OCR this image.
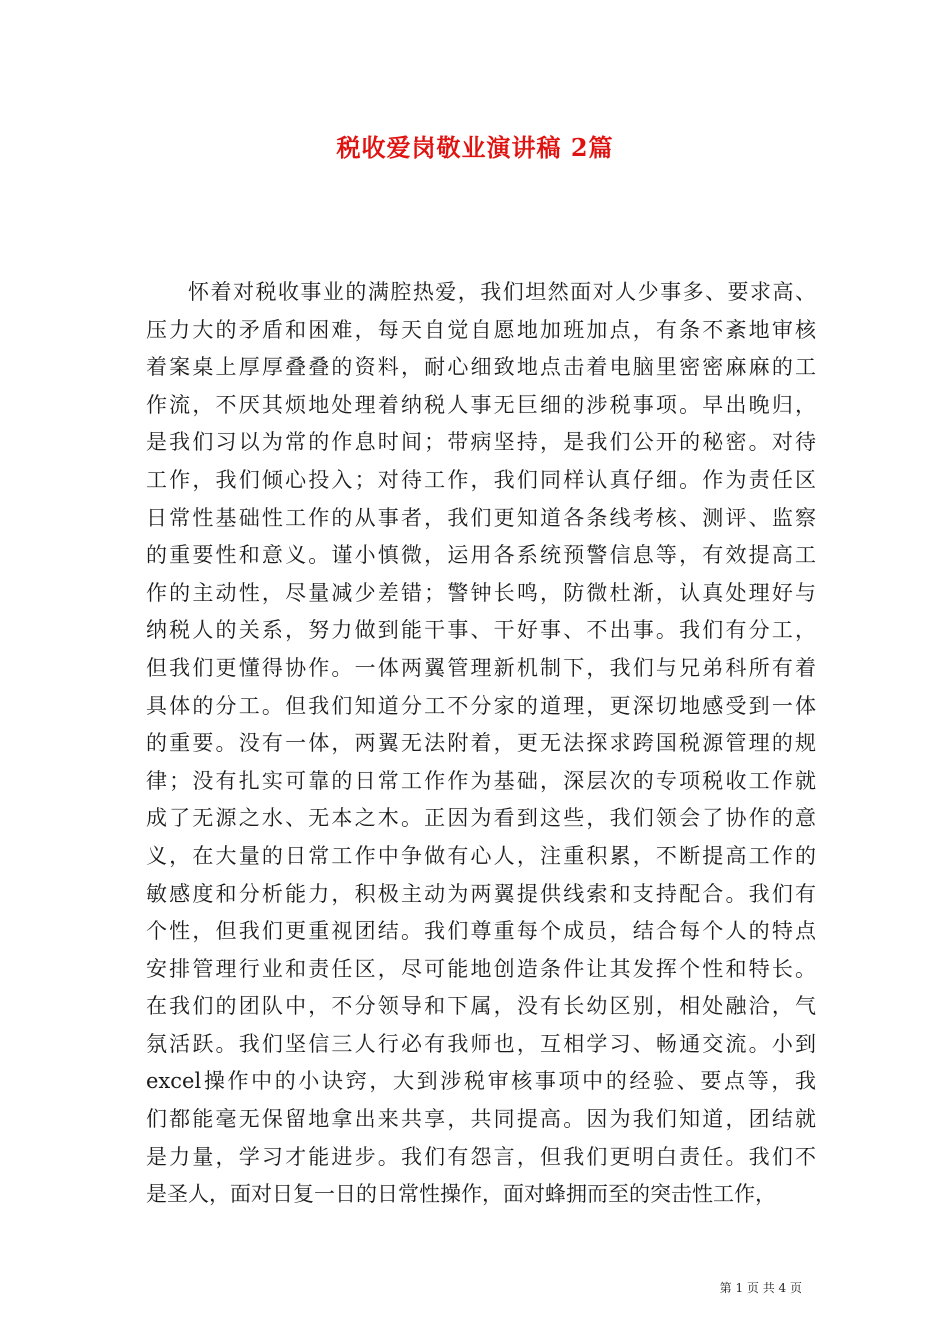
税收爱岗敬业演讲稿 2篇
怀着对税收事业的满腔热爱，我们坦然面对人少事多、要求高、
压力大的矛盾和困难，每天自觉自愿地加班加点，有条不紊地审核
着案桌上厚厚叠叠的资料，耐心细致地点击着电脑里密密麻麻的工
作流，不厌其烦地处理着纳税人事无巨细的涉税事项。早出晚归，
是我们习以为常的作息时间；带病坚持，是我们公开的秘密。对待
工作，我们倾心投入；对待工作，我们同样认真仔细。作为责任区
日常性基础性工作的从事者，我们更知道各条线考核、测评、监察
的重要性和意义。谨小慎微，运用各系统预警信息等，有效提高工
作的主动性，尽量减少差错；警钟长鸣，防微杜渐，认真处理好与
纳税人的关系，努力做到能干事、干好事、不出事。我们有分工，
但我们更懂得协作。一体两翼管理新机制下，我们与兄弟科所有着
具体的分工。但我们知道分工不分家的道理，更深切地感受到一体
的重要。没有一体，两翼无法附着，更无法探求跨国税源管理的规
律；没有扎实可靠的日常工作作为基础，深层次的专项税收工作就
成了无源之水、无本之木。正因为看到这些，我们领会了协作的意
义，在大量的日常工作中争做有心人，注重积累，不断提高工作的
敏感度和分析能力，积极主动为两翼提供线索和支持配合。我们有
个性，但我们更重视团结。我们尊重每个成员，结合每个人的特点
安排管理行业和责任区，尽可能地创造条件让其发挥个性和特长。
在我们的团队中，不分领导和下属，没有长幼区别，相处融洽，气
氛活跃。我们坚信三人行必有我师也，互相学习、畅通交流。小到
excel操作中的小诀窍，大到涉税审核事项中的经验、要点等，我
们都能毫无保留地拿出来共享，共同提高。因为我们知道，团结就
是力量，学习才能进步。我们有怨言，但我们更明白责任。我们不
是圣人，面对日复一日的日常性操作，面对蜂拥而至的突击性工作，
第 1 页 共 4 页
